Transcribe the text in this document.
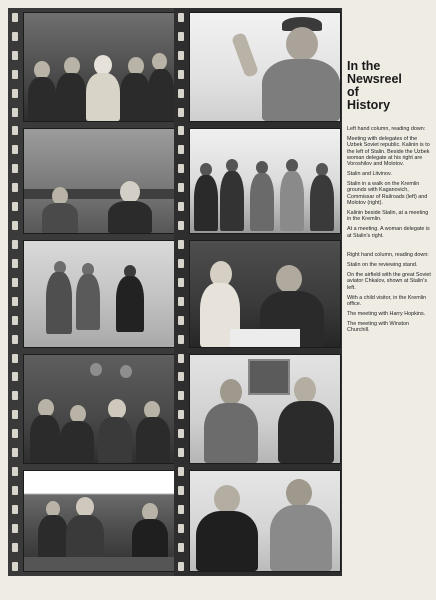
In the
Newsreel
of
History

Left hand column, reading down:

Meeting with delegates of the Uzbek Soviet republic. Kalinin is to the left of Stalin. Beside the Uzbek woman delegate at his right are Voroshilov and Molotov.

Stalin and Litvinov.

Stalin in a walk on the Kremlin grounds with Kaganovich, Commissar of Railroads (left) and Molotov (right).

Kalinin beside Stalin, at a meeting in the Kremlin.

At a meeting. A woman delegate is at Stalin's right.

Right hand column, reading down:

Stalin on the reviewing stand.

On the airfield with the great Soviet aviator Chkalov, shown at Stalin's left.

With a child visitor, in the Kremlin office.

The meeting with Harry Hopkins.

The meeting with Winston Churchill.
